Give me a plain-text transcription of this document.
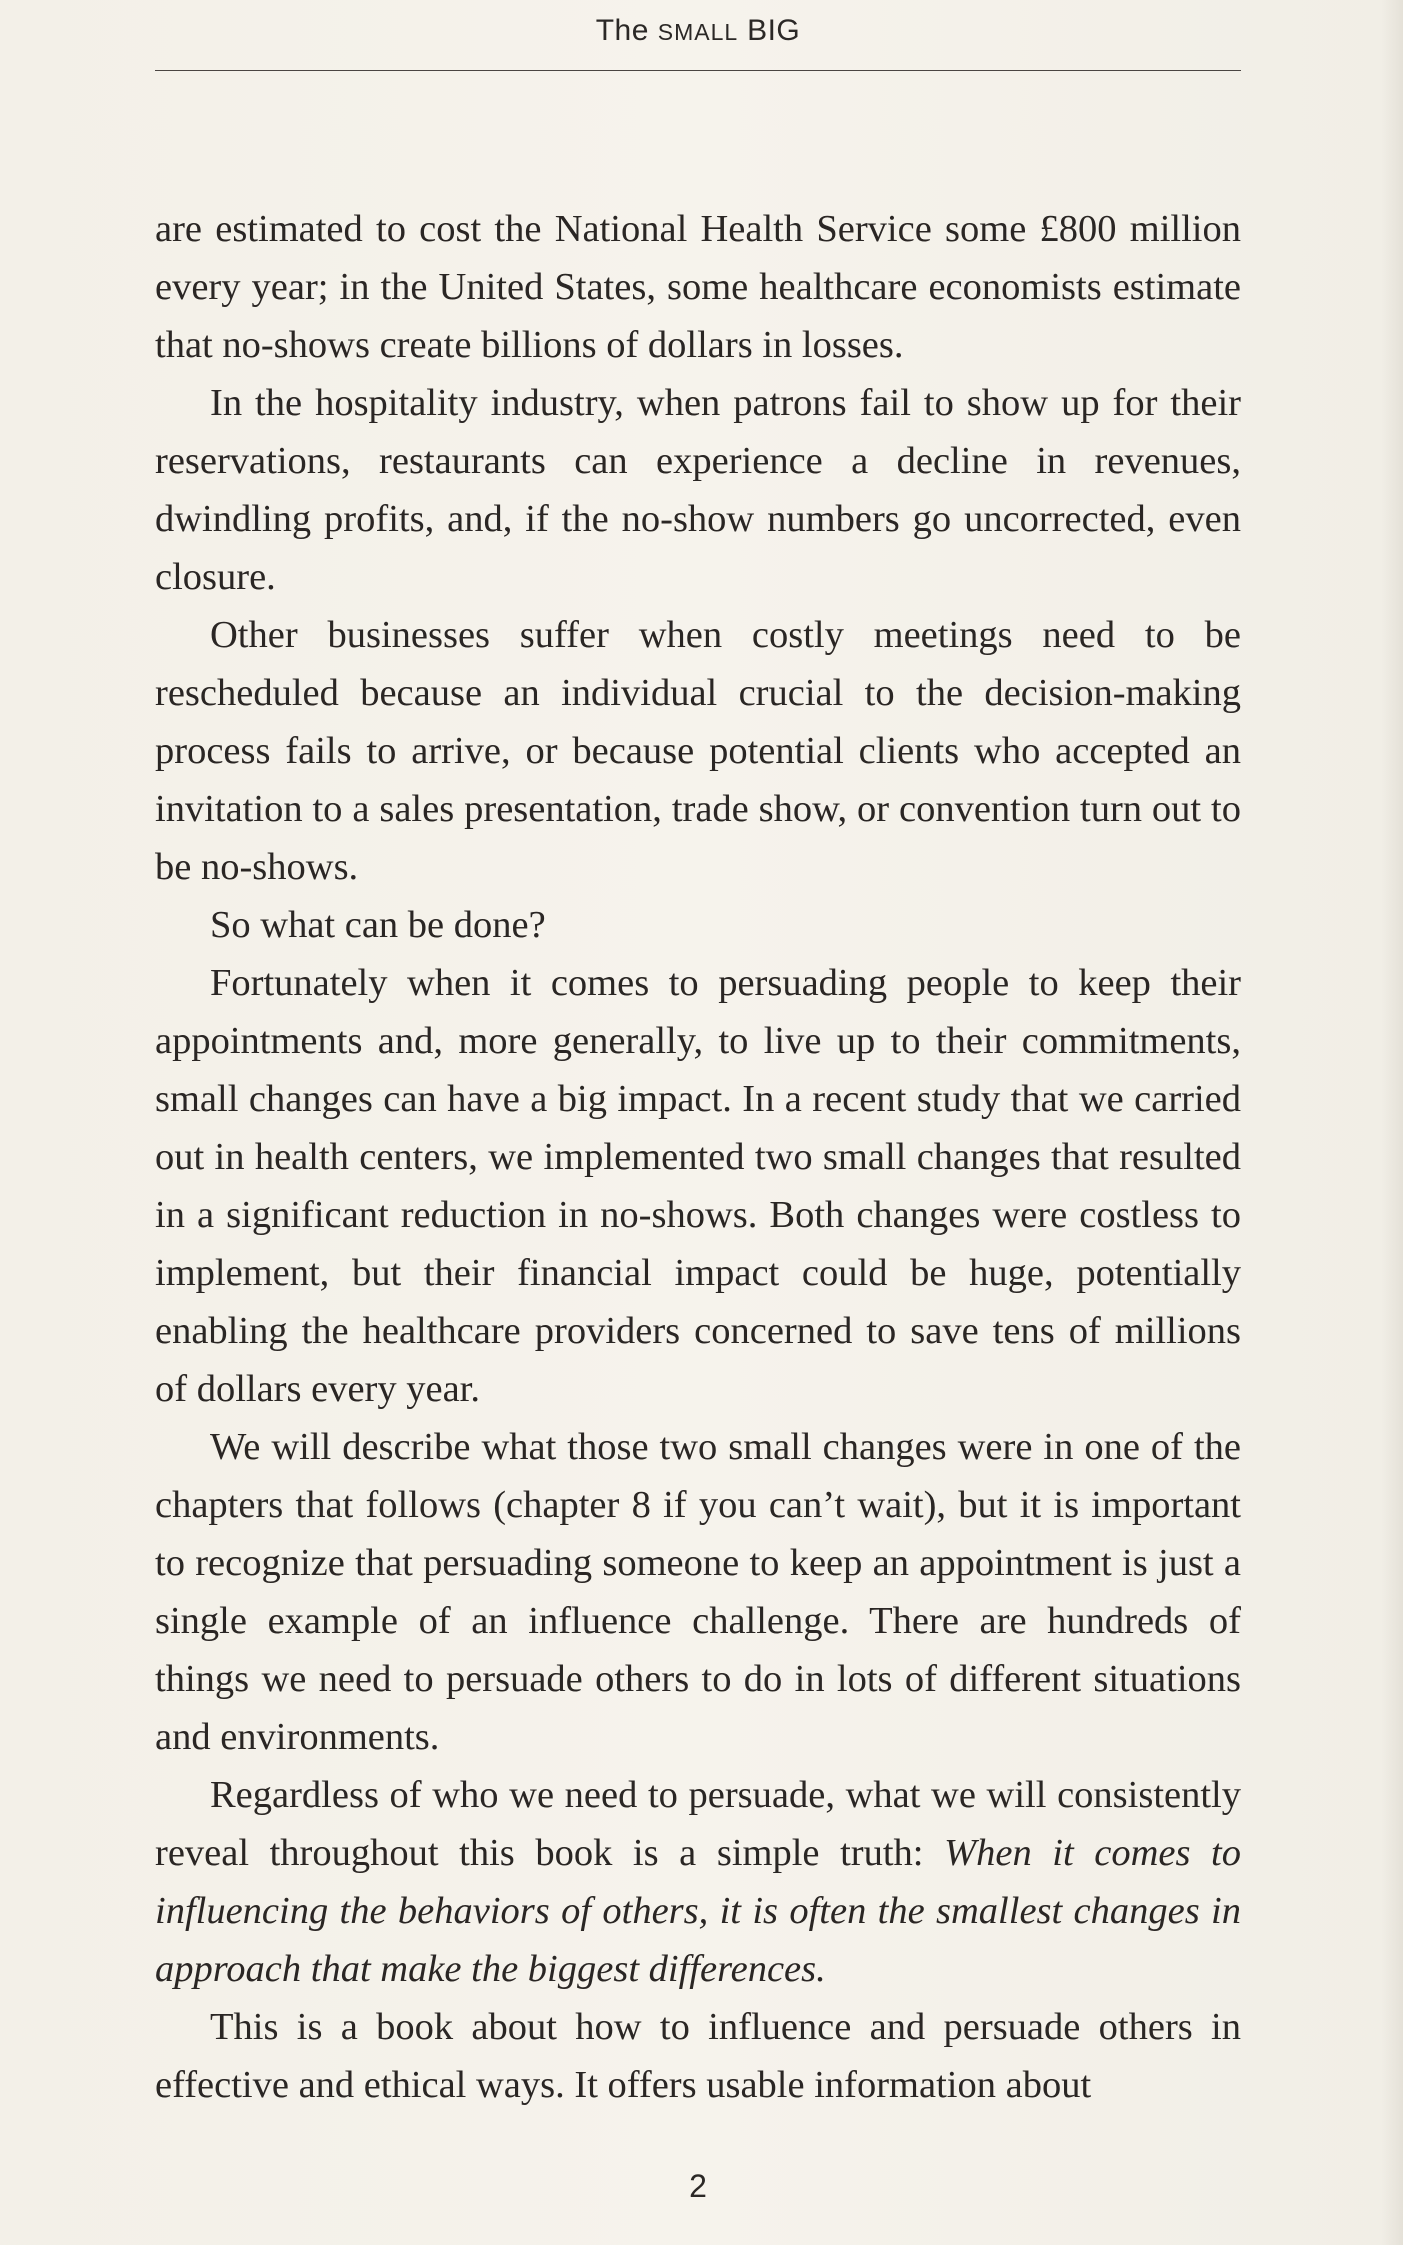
The SMALL BIG

are estimated to cost the National Health Service some £800 million every year; in the United States, some healthcare economists estimate that no-shows create billions of dollars in losses.

In the hospitality industry, when patrons fail to show up for their reservations, restaurants can experience a decline in revenues, dwindling profits, and, if the no-show numbers go uncorrected, even closure.

Other businesses suffer when costly meetings need to be rescheduled because an individual crucial to the decision-making process fails to arrive, or because potential clients who accepted an invitation to a sales presentation, trade show, or convention turn out to be no-shows.

So what can be done?

Fortunately when it comes to persuading people to keep their appointments and, more generally, to live up to their commitments, small changes can have a big impact. In a recent study that we carried out in health centers, we implemented two small changes that resulted in a significant reduction in no-shows. Both changes were costless to implement, but their financial impact could be huge, potentially enabling the healthcare providers concerned to save tens of millions of dollars every year.

We will describe what those two small changes were in one of the chapters that follows (chapter 8 if you can’t wait), but it is important to recognize that persuading someone to keep an appointment is just a single example of an influence challenge. There are hundreds of things we need to persuade others to do in lots of different situations and environments.

Regardless of who we need to persuade, what we will consistently reveal throughout this book is a simple truth: When it comes to influencing the behaviors of others, it is often the smallest changes in approach that make the biggest differences.

This is a book about how to influence and persuade others in effective and ethical ways. It offers usable information about

2
